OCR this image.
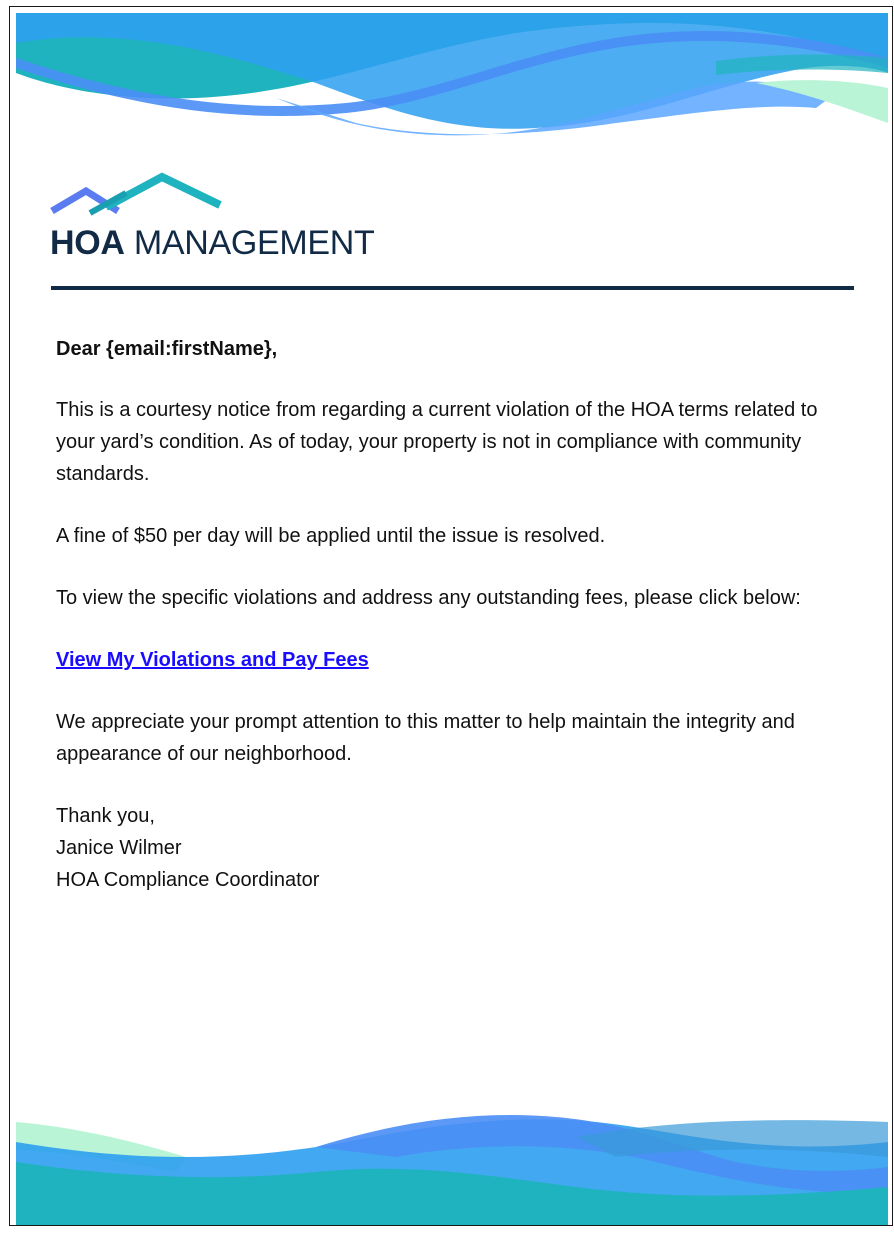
HOA MANAGEMENT

Dear {email:firstName},

This is a courtesy notice from regarding a current violation of the HOA terms related to your yard’s condition. As of today, your property is not in compliance with community standards.

A fine of $50 per day will be applied until the issue is resolved.

To view the specific violations and address any outstanding fees, please click below:

View My Violations and Pay Fees

We appreciate your prompt attention to this matter to help maintain the integrity and appearance of our neighborhood.

Thank you,
Janice Wilmer
HOA Compliance Coordinator
